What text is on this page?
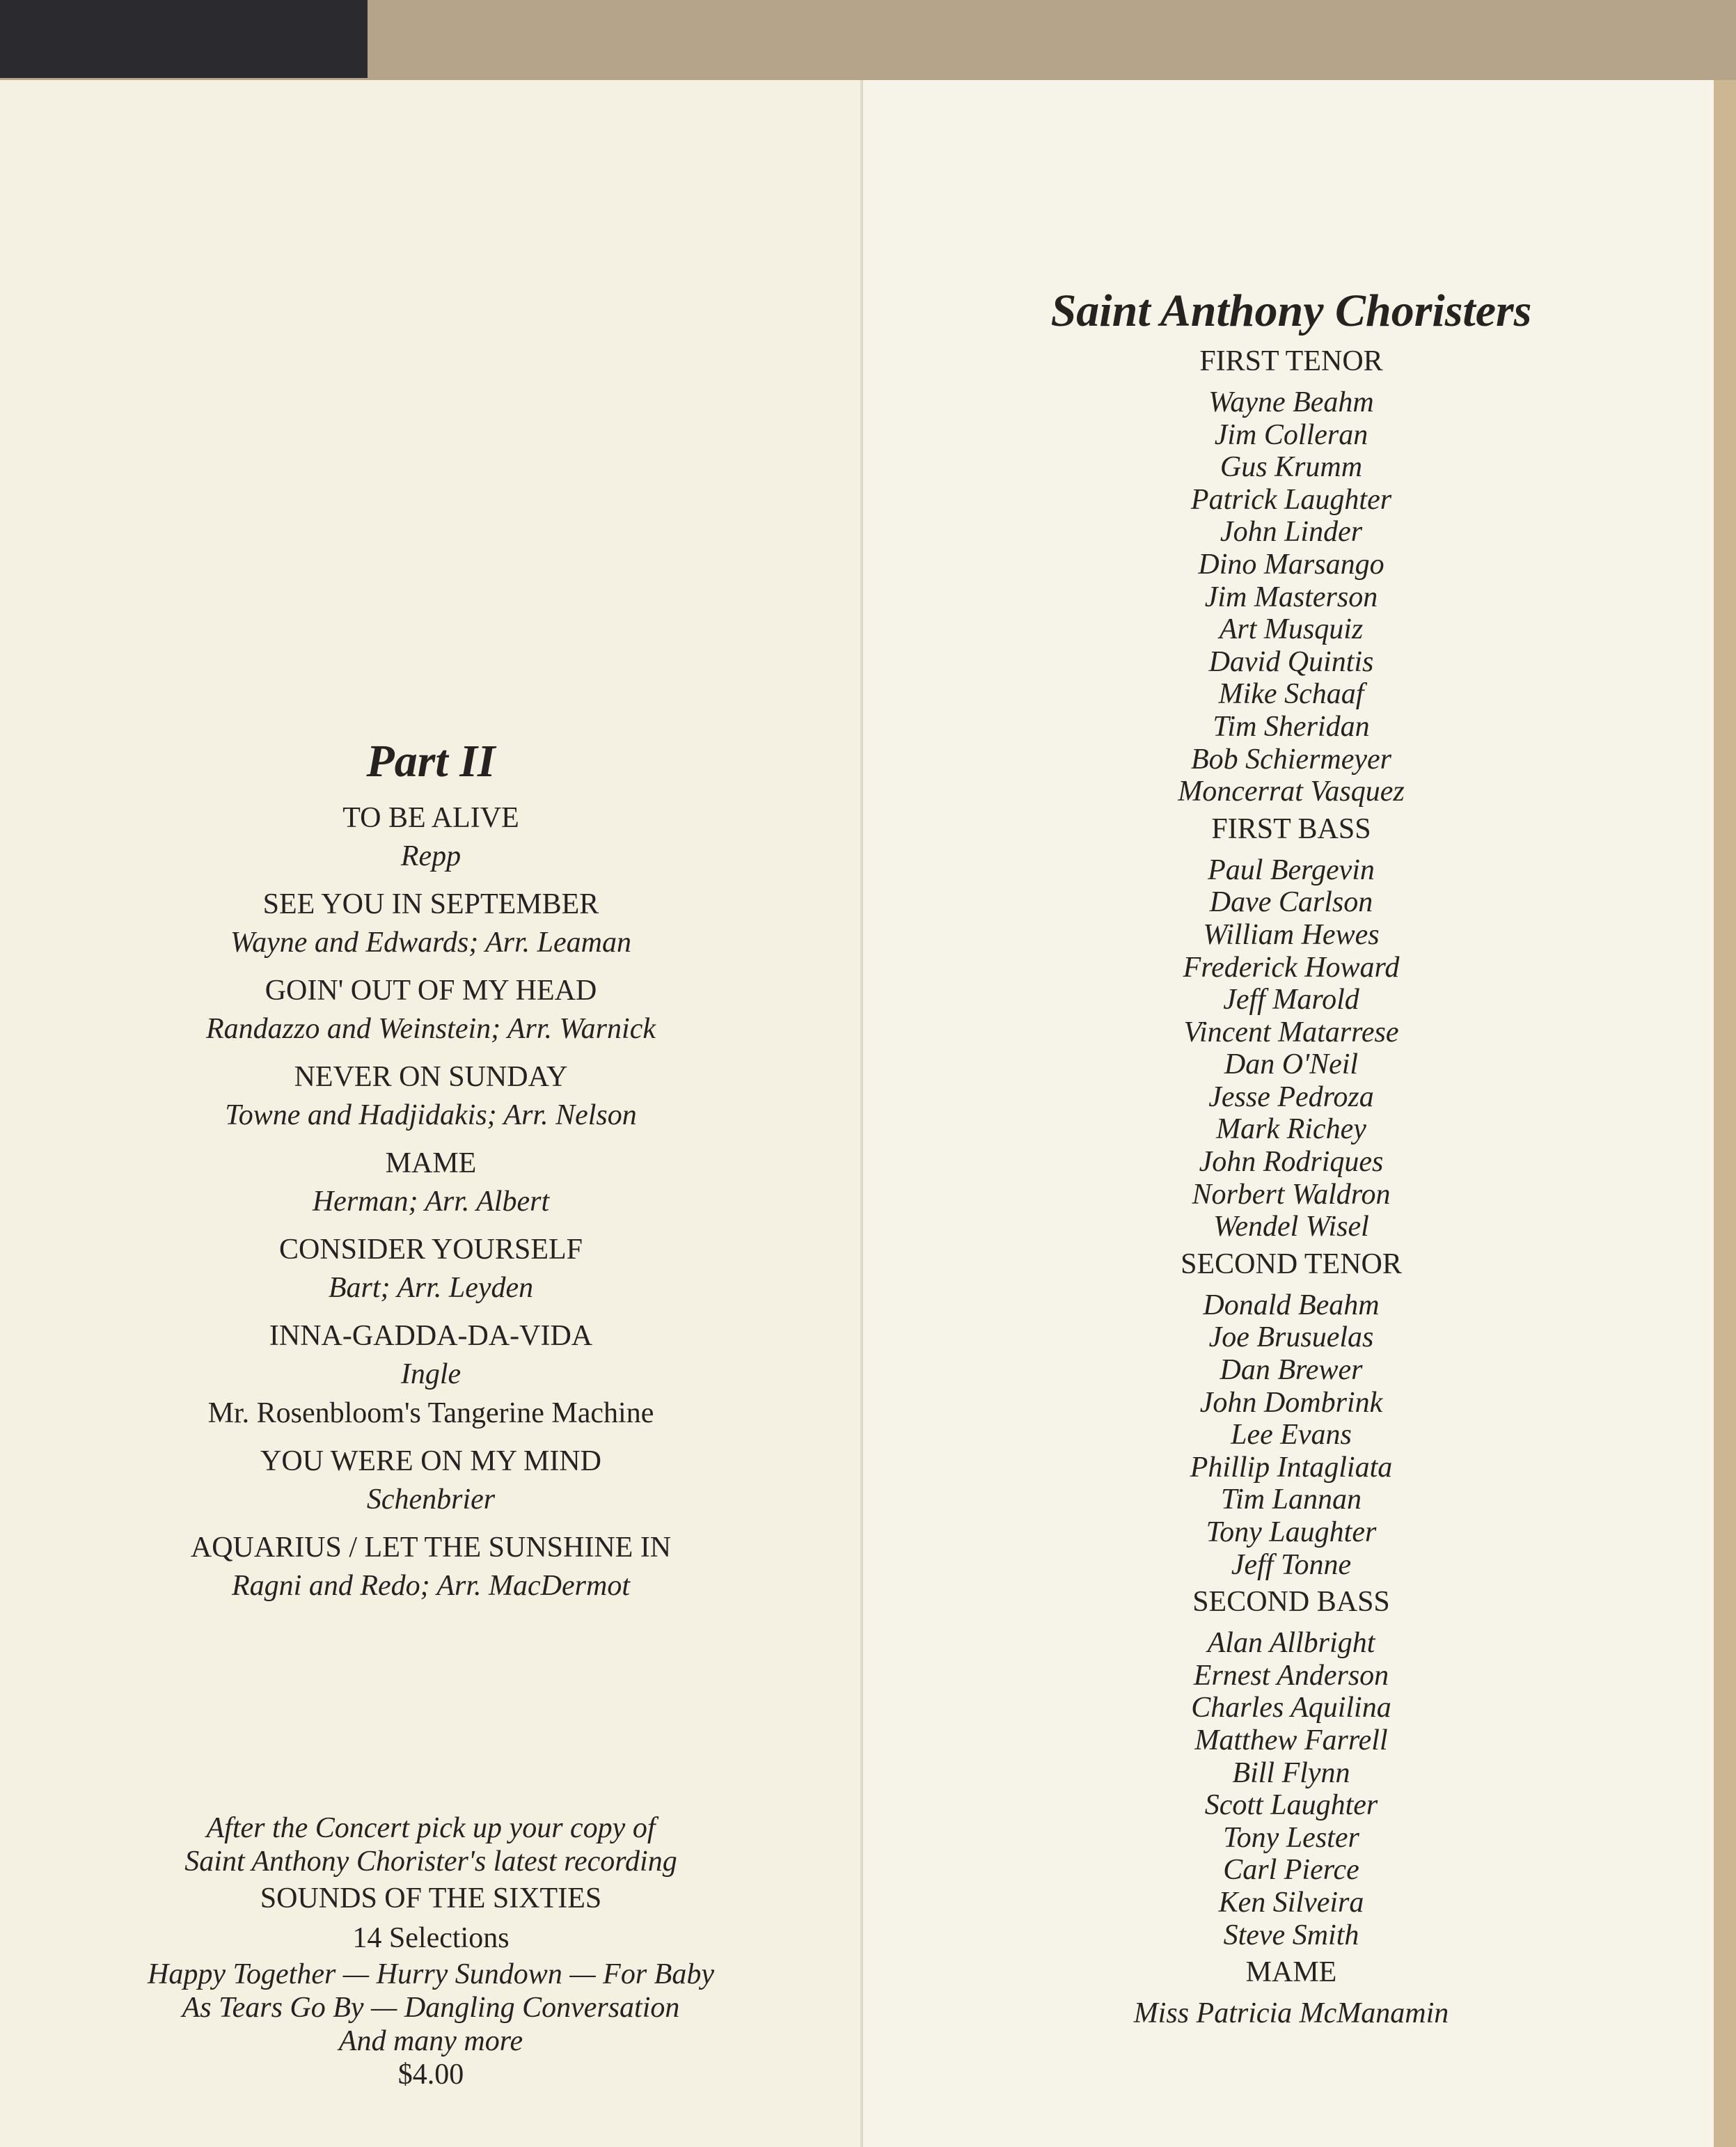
Part II
TO BE ALIVE
Repp
SEE YOU IN SEPTEMBER
Wayne and Edwards; Arr. Leaman
GOIN' OUT OF MY HEAD
Randazzo and Weinstein; Arr. Warnick
NEVER ON SUNDAY
Towne and Hadjidakis; Arr. Nelson
MAME
Herman; Arr. Albert
CONSIDER YOURSELF
Bart; Arr. Leyden
INNA-GADDA-DA-VIDA
Ingle
Mr. Rosenbloom's Tangerine Machine
YOU WERE ON MY MIND
Schenbrier
AQUARIUS / LET THE SUNSHINE IN
Ragni and Redo; Arr. MacDermot
After the Concert pick up your copy of
Saint Anthony Chorister's latest recording
SOUNDS OF THE SIXTIES
14 Selections
Happy Together — Hurry Sundown — For Baby
As Tears Go By — Dangling Conversation
And many more
$4.00
Saint Anthony Choristers
FIRST TENOR
Wayne Beahm
Jim Colleran
Gus Krumm
Patrick Laughter
John Linder
Dino Marsango
Jim Masterson
Art Musquiz
David Quintis
Mike Schaaf
Tim Sheridan
Bob Schiermeyer
Moncerrat Vasquez
FIRST BASS
Paul Bergevin
Dave Carlson
William Hewes
Frederick Howard
Jeff Marold
Vincent Matarrese
Dan O'Neil
Jesse Pedroza
Mark Richey
John Rodriques
Norbert Waldron
Wendel Wisel
SECOND TENOR
Donald Beahm
Joe Brusuelas
Dan Brewer
John Dombrink
Lee Evans
Phillip Intagliata
Tim Lannan
Tony Laughter
Jeff Tonne
SECOND BASS
Alan Allbright
Ernest Anderson
Charles Aquilina
Matthew Farrell
Bill Flynn
Scott Laughter
Tony Lester
Carl Pierce
Ken Silveira
Steve Smith
MAME
Miss Patricia McManamin
